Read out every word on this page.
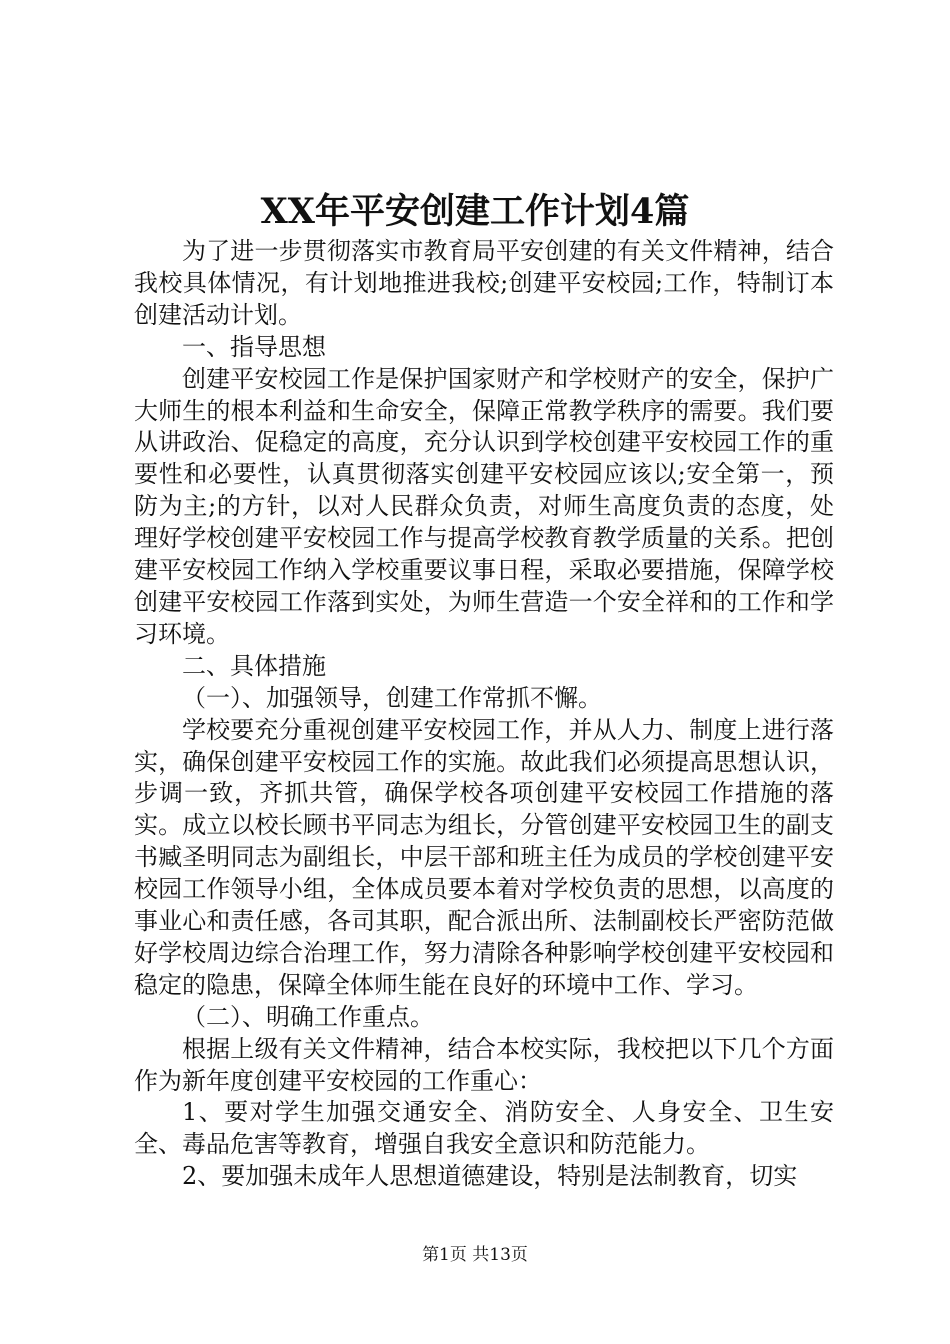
XX年平安创建工作计划4篇

为了进一步贯彻落实市教育局平安创建的有关文件精神，结合我校具体情况，有计划地推进我校;创建平安校园;工作，特制订本创建活动计划。

一、指导思想

创建平安校园工作是保护国家财产和学校财产的安全，保护广大师生的根本利益和生命安全，保障正常教学秩序的需要。我们要从讲政治、促稳定的高度，充分认识到学校创建平安校园工作的重要性和必要性，认真贯彻落实创建平安校园应该以;安全第一，预防为主;的方针，以对人民群众负责，对师生高度负责的态度，处理好学校创建平安校园工作与提高学校教育教学质量的关系。把创建平安校园工作纳入学校重要议事日程，采取必要措施，保障学校创建平安校园工作落到实处，为师生营造一个安全祥和的工作和学习环境。

二、具体措施

（一）、加强领导，创建工作常抓不懈。

学校要充分重视创建平安校园工作，并从人力、制度上进行落实，确保创建平安校园工作的实施。故此我们必须提高思想认识，步调一致，齐抓共管，确保学校各项创建平安校园工作措施的落实。成立以校长顾书平同志为组长，分管创建平安校园卫生的副支书臧圣明同志为副组长，中层干部和班主任为成员的学校创建平安校园工作领导小组，全体成员要本着对学校负责的思想，以高度的事业心和责任感，各司其职，配合派出所、法制副校长严密防范做好学校周边综合治理工作，努力清除各种影响学校创建平安校园和稳定的隐患，保障全体师生能在良好的环境中工作、学习。

（二）、明确工作重点。

根据上级有关文件精神，结合本校实际，我校把以下几个方面作为新年度创建平安校园的工作重心：

1、要对学生加强交通安全、消防安全、人身安全、卫生安全、毒品危害等教育，增强自我安全意识和防范能力。

2、要加强未成年人思想道德建设，特别是法制教育，切实

第1页 共13页
